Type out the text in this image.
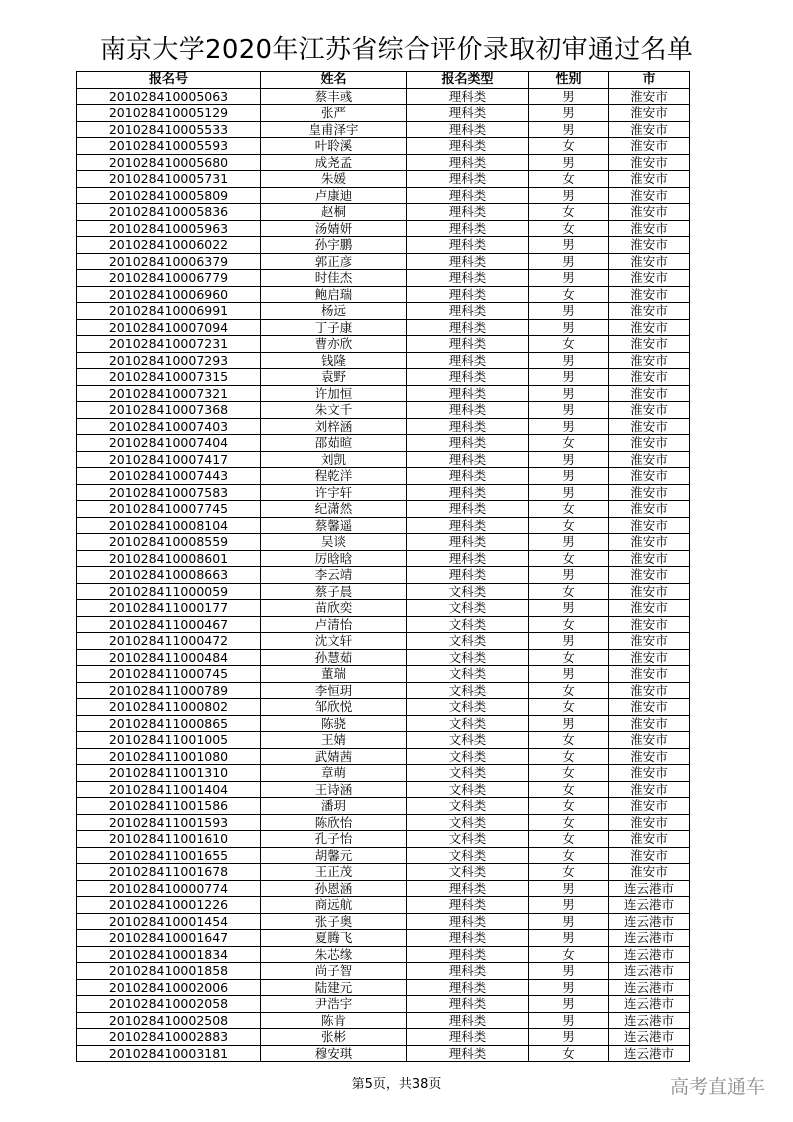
南京大学2020年江苏省综合评价录取初审通过名单
报名号	姓名	报名类型	性别	市
201028410005063	蔡丰彧	理科类	男	淮安市
201028410005129	张严	理科类	男	淮安市
201028410005533	皇甫泽宇	理科类	男	淮安市
201028410005593	叶聆溪	理科类	女	淮安市
201028410005680	成尧孟	理科类	男	淮安市
201028410005731	朱媛	理科类	女	淮安市
201028410005809	卢康迪	理科类	男	淮安市
201028410005836	赵桐	理科类	女	淮安市
201028410005963	汤婧妍	理科类	女	淮安市
201028410006022	孙宇鹏	理科类	男	淮安市
201028410006379	郭正彦	理科类	男	淮安市
201028410006779	时佳杰	理科类	男	淮安市
201028410006960	鲍启瑞	理科类	女	淮安市
201028410006991	杨远	理科类	男	淮安市
201028410007094	丁子康	理科类	男	淮安市
201028410007231	曹亦欣	理科类	女	淮安市
201028410007293	钱隆	理科类	男	淮安市
201028410007315	袁野	理科类	男	淮安市
201028410007321	许加恒	理科类	男	淮安市
201028410007368	朱文千	理科类	男	淮安市
201028410007403	刘梓涵	理科类	男	淮安市
201028410007404	邵茹暄	理科类	女	淮安市
201028410007417	刘凯	理科类	男	淮安市
201028410007443	程乾洋	理科类	男	淮安市
201028410007583	许宇轩	理科类	男	淮安市
201028410007745	纪潇然	理科类	女	淮安市
201028410008104	蔡馨遥	理科类	女	淮安市
201028410008559	吴谈	理科类	男	淮安市
201028410008601	厉晗晗	理科类	女	淮安市
201028410008663	李云靖	理科类	男	淮安市
201028411000059	蔡子晨	文科类	女	淮安市
201028411000177	苗欣奕	文科类	男	淮安市
201028411000467	卢清怡	文科类	女	淮安市
201028411000472	沈文轩	文科类	男	淮安市
201028411000484	孙慧茹	文科类	女	淮安市
201028411000745	董瑞	文科类	男	淮安市
201028411000789	李恒玥	文科类	女	淮安市
201028411000802	邹欣悦	文科类	女	淮安市
201028411000865	陈骁	文科类	男	淮安市
201028411001005	王婧	文科类	女	淮安市
201028411001080	武婧茜	文科类	女	淮安市
201028411001310	章萌	文科类	女	淮安市
201028411001404	王诗涵	文科类	女	淮安市
201028411001586	潘玥	文科类	女	淮安市
201028411001593	陈欣怡	文科类	女	淮安市
201028411001610	孔子怡	文科类	女	淮安市
201028411001655	胡馨元	文科类	女	淮安市
201028411001678	王正茂	文科类	女	淮安市
201028410000774	孙恩涵	理科类	男	连云港市
201028410001226	商远航	理科类	男	连云港市
201028410001454	张子奥	理科类	男	连云港市
201028410001647	夏腾飞	理科类	男	连云港市
201028410001834	朱芯缘	理科类	女	连云港市
201028410001858	尚子智	理科类	男	连云港市
201028410002006	陆建元	理科类	男	连云港市
201028410002058	尹浩宇	理科类	男	连云港市
201028410002508	陈肯	理科类	男	连云港市
201028410002883	张彬	理科类	男	连云港市
201028410003181	穆安琪	理科类	女	连云港市
第5页，共38页	高考直通车
